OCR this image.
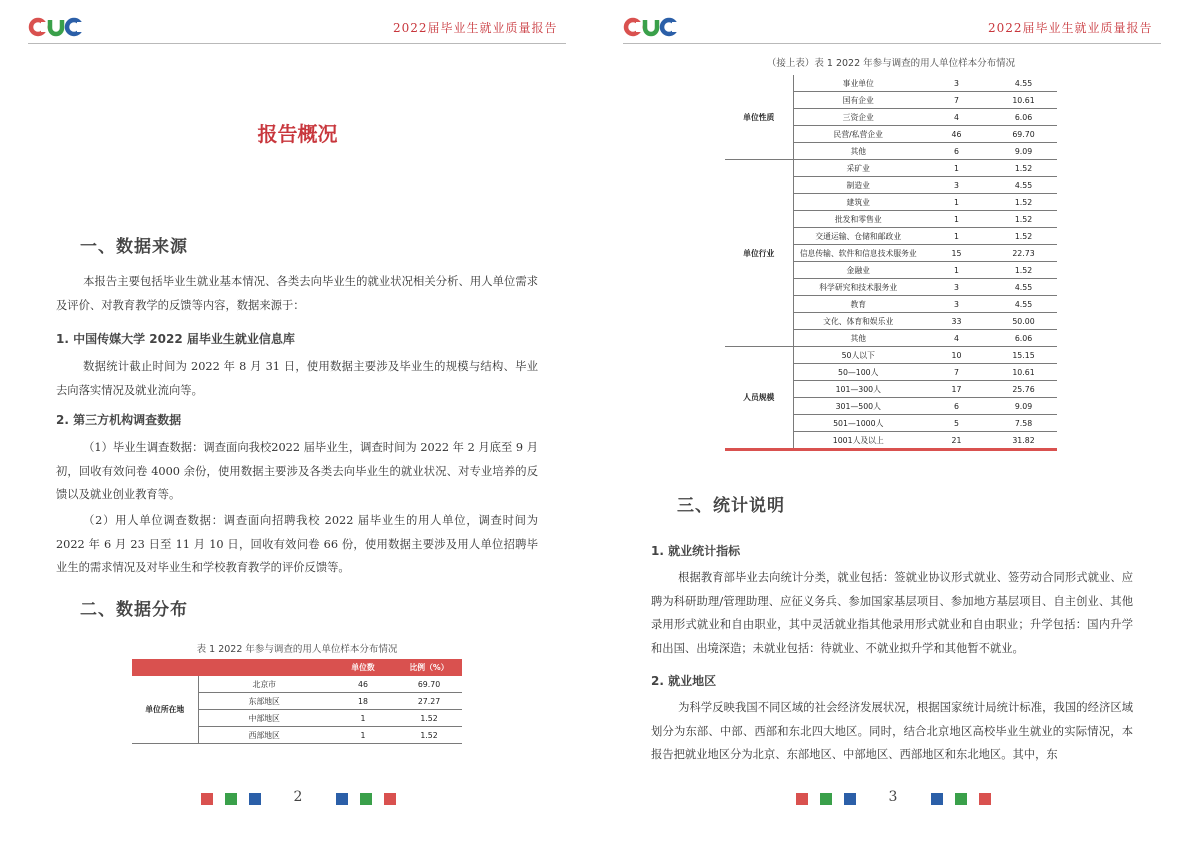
2022届毕业生就业质量报告
报告概况
一、数据来源

本报告主要包括毕业生就业基本情况、各类去向毕业生的就业状况相关分析、用人单位需求及评价、对教育教学的反馈等内容，数据来源于：

1. 中国传媒大学 2022 届毕业生就业信息库

数据统计截止时间为 2022 年 8 月 31 日，使用数据主要涉及毕业生的规模与结构、毕业去向落实情况及就业流向等。

2. 第三方机构调查数据

（1）毕业生调查数据：调查面向我校2022 届毕业生，调查时间为 2022 年 2 月底至 9 月初，回收有效问卷 4000 余份，使用数据主要涉及各类去向毕业生的就业状况、对专业培养的反馈以及就业创业教育等。

（2）用人单位调查数据：调查面向招聘我校 2022 届毕业生的用人单位，调查时间为 2022 年 6 月 23 日至 11 月 10 日，回收有效问卷 66 份，使用数据主要涉及用人单位招聘毕业生的需求情况及对毕业生和学校教育教学的评价反馈等。

二、数据分布

表 1 2022 年参与调查的用人单位样本分布情况

		单位数	比例（%）
单位所在地	北京市	46	69.70
	东部地区	18	27.27
	中部地区	1	1.52
	西部地区	1	1.52
2
2022届毕业生就业质量报告

（接上表）表 1 2022 年参与调查的用人单位样本分布情况

单位性质	事业单位	3	4.55
	国有企业	7	10.61
	三资企业	4	6.06
	民营/私营企业	46	69.70
	其他	6	9.09
单位行业	采矿业	1	1.52
	制造业	3	4.55
	建筑业	1	1.52
	批发和零售业	1	1.52
	交通运输、仓储和邮政业	1	1.52
	信息传输、软件和信息技术服务业	15	22.73
	金融业	1	1.52
	科学研究和技术服务业	3	4.55
	教育	3	4.55
	文化、体育和娱乐业	33	50.00
	其他	4	6.06
人员规模	50人以下	10	15.15
	50—100人	7	10.61
	101—300人	17	25.76
	301—500人	6	9.09
	501—1000人	5	7.58
	1001人及以上	21	31.82
三、统计说明
1. 就业统计指标

根据教育部毕业去向统计分类，就业包括：签就业协议形式就业、签劳动合同形式就业、应聘为科研助理/管理助理、应征义务兵、参加国家基层项目、参加地方基层项目、自主创业、其他录用形式就业和自由职业，其中灵活就业指其他录用形式就业和自由职业；升学包括：国内升学和出国、出境深造；未就业包括：待就业、不就业拟升学和其他暂不就业。

2. 就业地区

为科学反映我国不同区域的社会经济发展状况，根据国家统计局统计标准，我国的经济区域划分为东部、中部、西部和东北四大地区。同时，结合北京地区高校毕业生就业的实际情况，本报告把就业地区分为北京、东部地区、中部地区、西部地区和东北地区。其中，东

3
